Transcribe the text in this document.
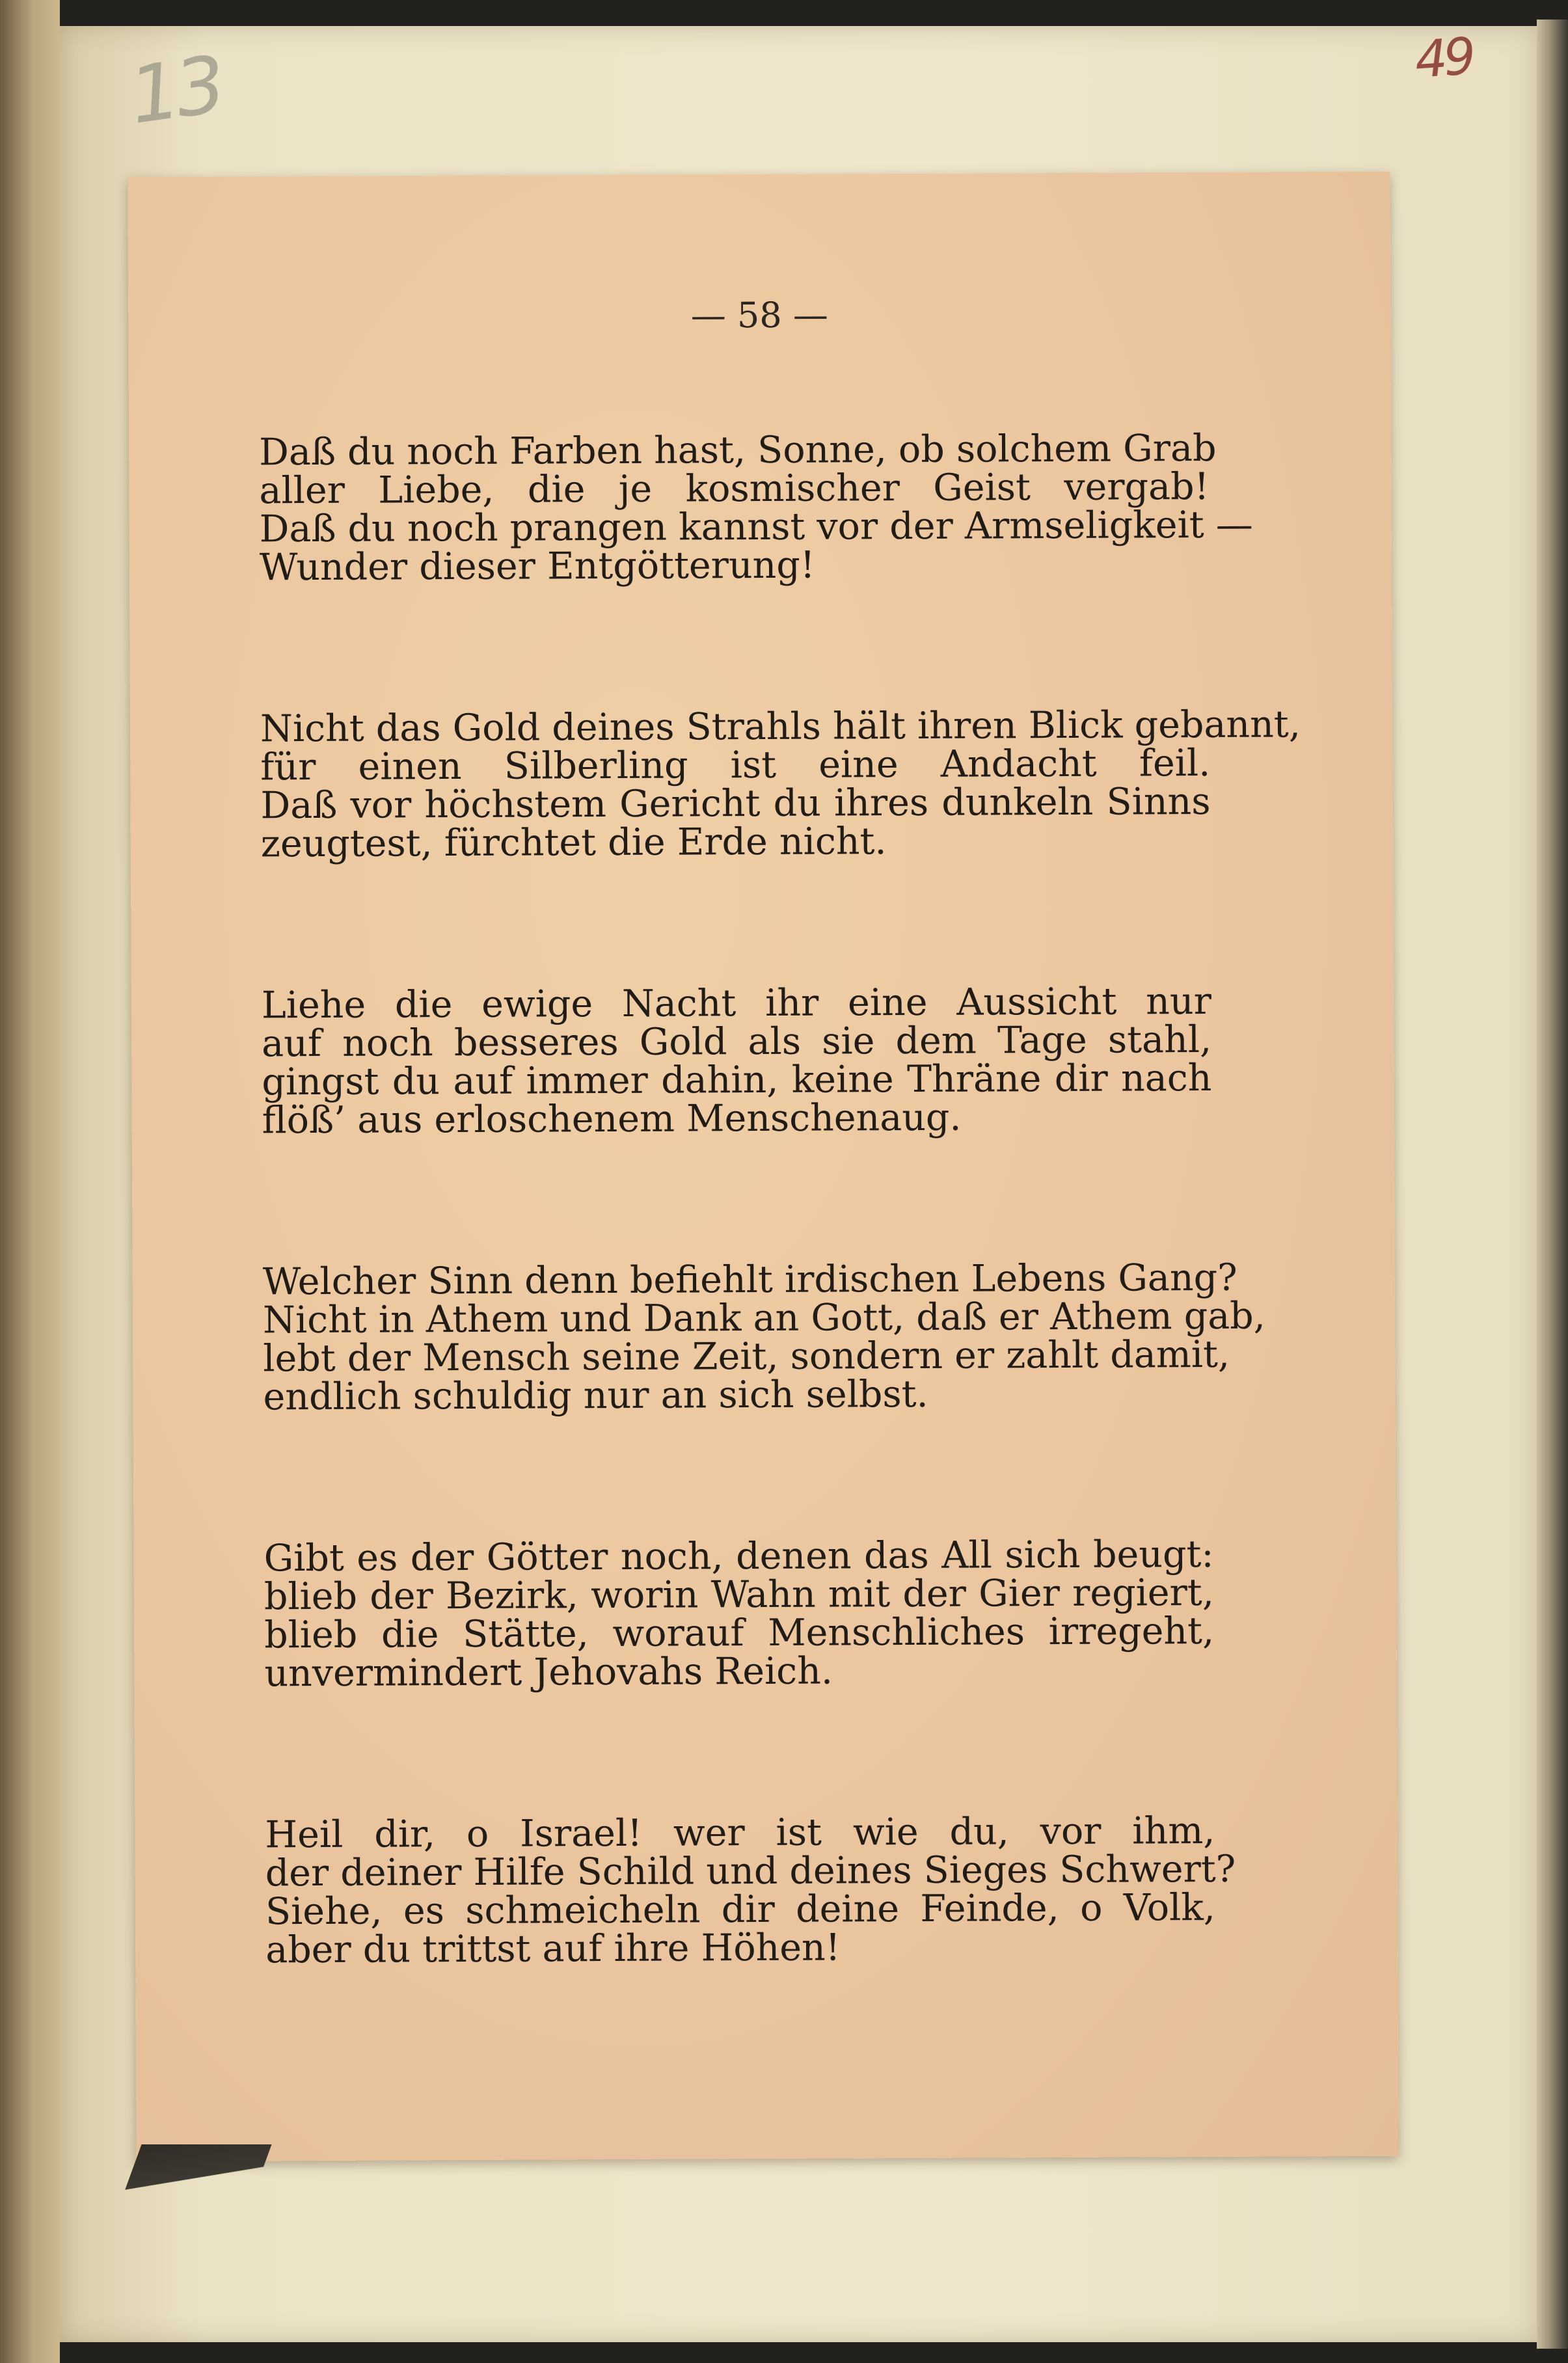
13	49
— 58 —
Daß du noch Farben hast, Sonne, ob solchem Grab
aller Liebe, die je kosmischer Geist vergab!
Daß du noch prangen kannst vor der Armseligkeit —
Wunder dieser Entgötterung!
Nicht das Gold deines Strahls hält ihren Blick gebannt,
für einen Silberling ist eine Andacht feil.
Daß vor höchstem Gericht du ihres dunkeln Sinns
zeugtest, fürchtet die Erde nicht.
Liehe die ewige Nacht ihr eine Aussicht nur
auf noch besseres Gold als sie dem Tage stahl,
gingst du auf immer dahin, keine Thräne dir nach
flöß’ aus erloschenem Menschenaug.
Welcher Sinn denn befiehlt irdischen Lebens Gang?
Nicht in Athem und Dank an Gott, daß er Athem gab,
lebt der Mensch seine Zeit, sondern er zahlt damit,
endlich schuldig nur an sich selbst.
Gibt es der Götter noch, denen das All sich beugt:
blieb der Bezirk, worin Wahn mit der Gier regiert,
blieb die Stätte, worauf Menschliches irregeht,
unvermindert Jehovahs Reich.
Heil dir, o Israel! wer ist wie du, vor ihm,
der deiner Hilfe Schild und deines Sieges Schwert?
Siehe, es schmeicheln dir deine Feinde, o Volk,
aber du trittst auf ihre Höhen!
